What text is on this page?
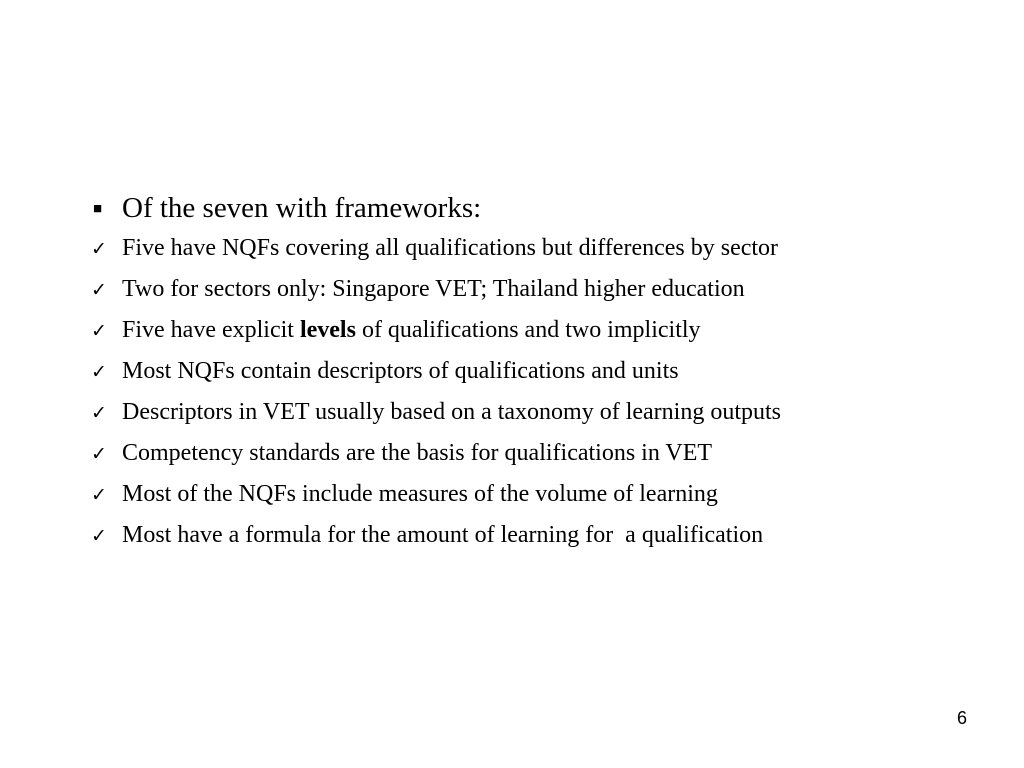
■ Of the seven with frameworks:
✓ Five have NQFs covering all qualifications but differences by sector
✓ Two for sectors only: Singapore VET; Thailand higher education
✓ Five have explicit levels of qualifications and two implicitly
✓ Most NQFs contain descriptors of qualifications and units
✓ Descriptors in VET usually based on a taxonomy of learning outputs
✓ Competency standards are the basis for qualifications in VET
✓ Most of the NQFs include measures of the volume of learning
✓ Most have a formula for the amount of learning for  a qualification
6
